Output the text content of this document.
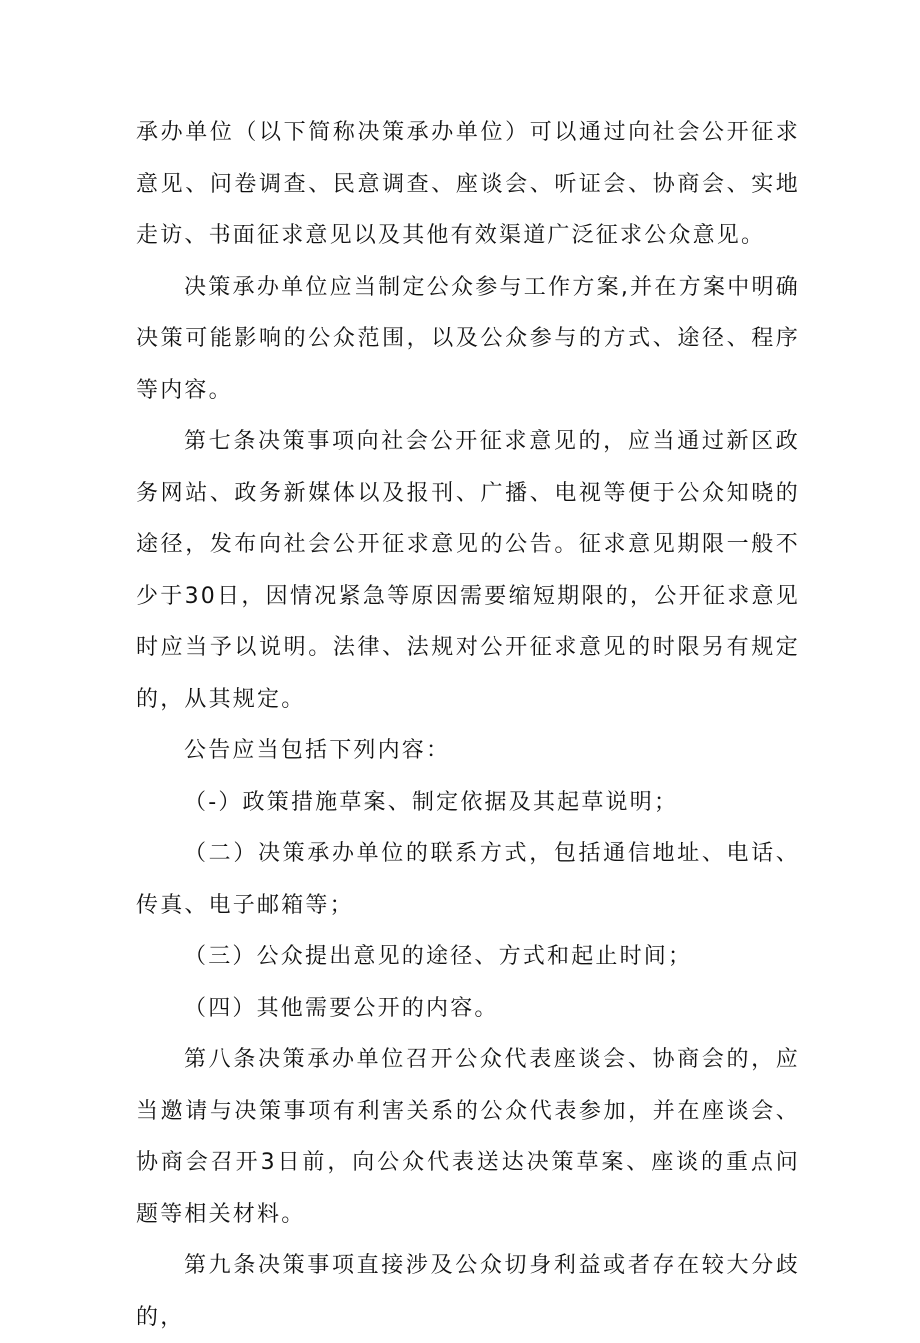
承办单位（以下简称决策承办单位）可以通过向社会公开征求意见、问卷调查、民意调查、座谈会、听证会、协商会、实地走访、书面征求意见以及其他有效渠道广泛征求公众意见。

决策承办单位应当制定公众参与工作方案,并在方案中明确决策可能影响的公众范围，以及公众参与的方式、途径、程序等内容。

第七条决策事项向社会公开征求意见的，应当通过新区政务网站、政务新媒体以及报刊、广播、电视等便于公众知晓的途径，发布向社会公开征求意见的公告。征求意见期限一般不少于30日，因情况紧急等原因需要缩短期限的，公开征求意见时应当予以说明。法律、法规对公开征求意见的时限另有规定的，从其规定。

公告应当包括下列内容：

（-）政策措施草案、制定依据及其起草说明；

（二）决策承办单位的联系方式，包括通信地址、电话、传真、电子邮箱等；

（三）公众提出意见的途径、方式和起止时间；

（四）其他需要公开的内容。

第八条决策承办单位召开公众代表座谈会、协商会的，应当邀请与决策事项有利害关系的公众代表参加，并在座谈会、协商会召开3日前，向公众代表送达决策草案、座谈的重点问题等相关材料。

第九条决策事项直接涉及公众切身利益或者存在较大分歧的，
